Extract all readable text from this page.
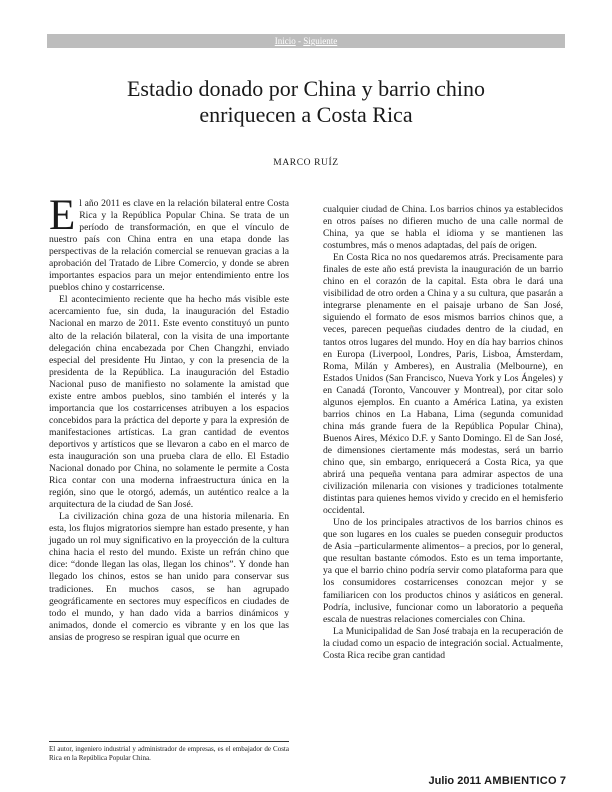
Inicio - Siguiente
Estadio donado por China y barrio chino
enriquecen a Costa Rica
MARCO RUÍZ

El año 2011 es clave en la relación bilateral entre Costa Rica y la República Popular China. Se trata de un período de transformación, en que el vínculo de nuestro país con China entra en una etapa donde las perspectivas de la relación comercial se renuevan gracias a la aprobación del Tratado de Libre Comercio, y donde se abren importantes espacios para un mejor entendimiento entre los pueblos chino y costarricense.

El acontecimiento reciente que ha hecho más visible este acercamiento fue, sin duda, la inauguración del Estadio Nacional en marzo de 2011. Este evento constituyó un punto alto de la relación bilateral, con la visita de una importante delegación china encabezada por Chen Changzhi, enviado especial del presidente Hu Jintao, y con la presencia de la presidenta de la República. La inauguración del Estadio Nacional puso de manifiesto no solamente la amistad que existe entre ambos pueblos, sino también el interés y la importancia que los costarricenses atribuyen a los espacios concebidos para la práctica del deporte y para la expresión de manifestaciones artísticas. La gran cantidad de eventos deportivos y artísticos que se llevaron a cabo en el marco de esta inauguración son una prueba clara de ello. El Estadio Nacional donado por China, no solamente le permite a Costa Rica contar con una moderna infraestructura única en la región, sino que le otorgó, además, un auténtico realce a la arquitectura de la ciudad de San José.

La civilización china goza de una historia milenaria. En esta, los flujos migratorios siempre han estado presente, y han jugado un rol muy significativo en la proyección de la cultura china hacia el resto del mundo. Existe un refrán chino que dice: “donde llegan las olas, llegan los chinos”. Y donde han llegado los chinos, estos se han unido para conservar sus tradiciones. En muchos casos, se han agrupado geográficamente en sectores muy específicos en ciudades de todo el mundo, y han dado vida a barrios dinámicos y animados, donde el comercio es vibrante y en los que las ansias de progreso se respiran igual que ocurre en

cualquier ciudad de China. Los barrios chinos ya establecidos en otros países no difieren mucho de una calle normal de China, ya que se habla el idioma y se mantienen las costumbres, más o menos adaptadas, del país de origen.

En Costa Rica no nos quedaremos atrás. Precisamente para finales de este año está prevista la inauguración de un barrio chino en el corazón de la capital. Esta obra le dará una visibilidad de otro orden a China y a su cultura, que pasarán a integrarse plenamente en el paisaje urbano de San José, siguiendo el formato de esos mismos barrios chinos que, a veces, parecen pequeñas ciudades dentro de la ciudad, en tantos otros lugares del mundo. Hoy en día hay barrios chinos en Europa (Liverpool, Londres, Paris, Lisboa, Ámsterdam, Roma, Milán y Amberes), en Australia (Melbourne), en Estados Unidos (San Francisco, Nueva York y Los Ángeles) y en Canadá (Toronto, Vancouver y Montreal), por citar solo algunos ejemplos. En cuanto a América Latina, ya existen barrios chinos en La Habana, Lima (segunda comunidad china más grande fuera de la República Popular China), Buenos Aires, México D.F. y Santo Domingo. El de San José, de dimensiones ciertamente más modestas, será un barrio chino que, sin embargo, enriquecerá a Costa Rica, ya que abrirá una pequeña ventana para admirar aspectos de una civilización milenaria con visiones y tradiciones totalmente distintas para quienes hemos vivido y crecido en el hemisferio occidental.

Uno de los principales atractivos de los barrios chinos es que son lugares en los cuales se pueden conseguir productos de Asia –particularmente alimentos– a precios, por lo general, que resultan bastante cómodos. Esto es un tema importante, ya que el barrio chino podría servir como plataforma para que los consumidores costarricenses conozcan mejor y se familiaricen con los productos chinos y asiáticos en general. Podría, inclusive, funcionar como un laboratorio a pequeña escala de nuestras relaciones comerciales con China.

La Municipalidad de San José trabaja en la recuperación de la ciudad como un espacio de integración social. Actualmente, Costa Rica recibe gran cantidad

El autor, ingeniero industrial y administrador de empresas, es el embajador de Costa Rica en la República Popular China.
Julio 2011 AMBIENTICO 7
